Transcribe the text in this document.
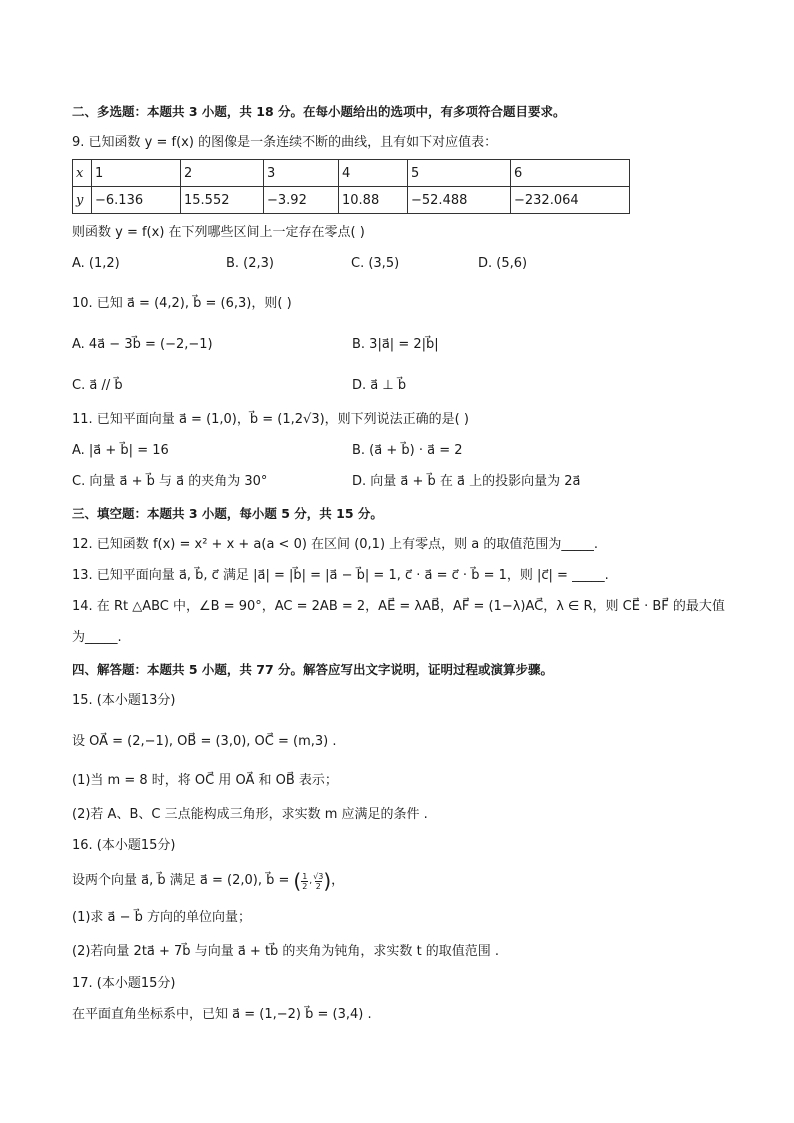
二、多选题：本题共 3 小题，共 18 分。在每小题给出的选项中，有多项符合题目要求。
9. 已知函数 y = f(x) 的图像是一条连续不断的曲线，且有如下对应值表：
x	1	2	3	4	5	6
y	−6.136	15.552	−3.92	10.88	−52.488	−232.064
则函数 y = f(x) 在下列哪些区间上一定存在零点( )
A. (1,2)	B. (2,3)	C. (3,5)	D. (5,6)
10. 已知 a⃗ = (4,2), b⃗ = (6,3)，则( )
A. 4a⃗ − 3b⃗ = (−2,−1)	B. 3|a⃗| = 2|b⃗|
C. a⃗ // b⃗	D. a⃗ ⊥ b⃗
11. 已知平面向量 a⃗ = (1,0)，b⃗ = (1,2√3)，则下列说法正确的是( )
A. |a⃗ + b⃗| = 16	B. (a⃗ + b⃗) · a⃗ = 2
C. 向量 a⃗ + b⃗ 与 a⃗ 的夹角为 30°	D. 向量 a⃗ + b⃗ 在 a⃗ 上的投影向量为 2a⃗
三、填空题：本题共 3 小题，每小题 5 分，共 15 分。
12. 已知函数 f(x) = x² + x + a(a < 0) 在区间 (0,1) 上有零点，则 a 的取值范围为_____.
13. 已知平面向量 a⃗, b⃗, c⃗ 满足 |a⃗| = |b⃗| = |a⃗ − b⃗| = 1, c⃗ · a⃗ = c⃗ · b⃗ = 1，则 |c⃗| = _____.
14. 在 Rt △ABC 中，∠B = 90°，AC = 2AB = 2，AE⃗ = λAB⃗，AF⃗ = (1−λ)AC⃗，λ ∈ R，则 CE⃗ · BF⃗ 的最大值
为_____.
四、解答题：本题共 5 小题，共 77 分。解答应写出文字说明，证明过程或演算步骤。
15. (本小题13分)
设 OA⃗ = (2,−1), OB⃗ = (3,0), OC⃗ = (m,3) .
(1)当 m = 8 时，将 OC⃗ 用 OA⃗ 和 OB⃗ 表示；
(2)若 A、B、C 三点能构成三角形，求实数 m 应满足的条件 .
16. (本小题15分)
设两个向量 a⃗, b⃗ 满足 a⃗ = (2,0), b⃗ = ( $\frac{1}{2}$ , $\frac{√3}{2}$ ) ，
(1)求 a⃗ − b⃗ 方向的单位向量；
(2)若向量 2ta⃗ + 7b⃗ 与向量 a⃗ + tb⃗ 的夹角为钝角，求实数 t 的取值范围 .
17. (本小题15分)
在平面直角坐标系中，已知 a⃗ = (1,−2) b⃗ = (3,4) .
